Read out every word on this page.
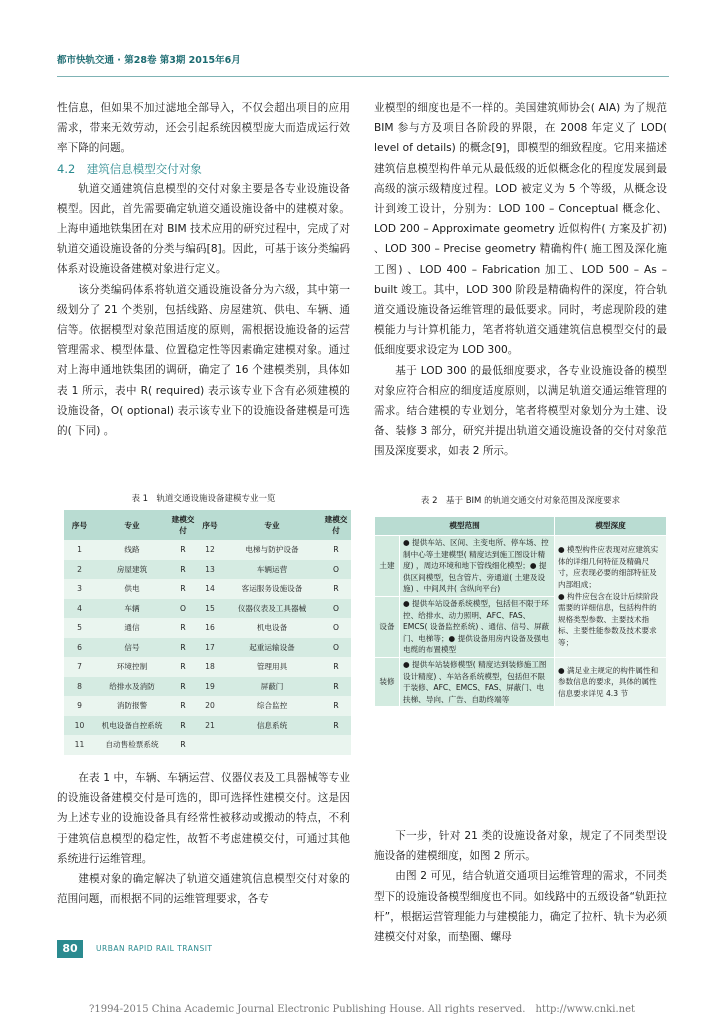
都市快轨交通 · 第28卷 第3期 2015年6月

性信息，但如果不加过滤地全部导入，不仅会超出项目的应用需求，带来无效劳动，还会引起系统因模型庞大而造成运行效率下降的问题。

4.2　建筑信息模型交付对象

轨道交通建筑信息模型的交付对象主要是各专业设施设备模型。因此，首先需要确定轨道交通设施设备中的建模对象。上海申通地铁集团在对 BIM 技术应用的研究过程中，完成了对轨道交通设施设备的分类与编码[8]。因此，可基于该分类编码体系对设施设备建模对象进行定义。

该分类编码体系将轨道交通设施设备分为六级，其中第一级划分了 21 个类别，包括线路、房屋建筑、供电、车辆、通信等。依据模型对象范围适度的原则，需根据设施设备的运营管理需求、模型体量、位置稳定性等因素确定建模对象。通过对上海申通地铁集团的调研，确定了 16 个建模类别，具体如表 1 所示，表中 R( required) 表示该专业下含有必须建模的设施设备，O( optional) 表示该专业下的设施设备建模是可选的( 下同) 。

表 1　轨道交通设施设备建模专业一览
序号	专业	建模交付	序号	专业	建模交付
1	线路	R	12	电梯与防护设备	R
2	房屋建筑	R	13	车辆运营	O
3	供电	R	14	客运服务设施设备	R
4	车辆	O	15	仪器仪表及工具器械	O
5	通信	R	16	机电设备	O
6	信号	R	17	起重运输设备	O
7	环境控制	R	18	管理用具	R
8	给排水及消防	R	19	屏蔽门	R
9	消防报警	R	20	综合监控	R
10	机电设备自控系统	R	21	信息系统	R
11	自动售检票系统	R			

在表 1 中，车辆、车辆运营、仪器仪表及工具器械等专业的设施设备建模交付是可选的，即可选择性建模交付。这是因为上述专业的设施设备具有经常性被移动或搬动的特点，不利于建筑信息模型的稳定性，故暂不考虑建模交付，可通过其他系统进行运维管理。

建模对象的确定解决了轨道交通建筑信息模型交付对象的范围问题，而根据不同的运维管理要求，各专

业模型的细度也是不一样的。美国建筑师协会( AIA) 为了规范 BIM 参与方及项目各阶段的界限，在 2008 年定义了 LOD( level of details) 的概念[9]，即模型的细致程度。它用来描述建筑信息模型构件单元从最低级的近似概念化的程度发展到最高级的演示级精度过程。LOD 被定义为 5 个等级，从概念设计到竣工设计，分别为：LOD 100 – Conceptual 概念化、LOD 200 – Approximate geometry 近似构件( 方案及扩初) 、LOD 300 – Precise geometry 精确构件( 施工图及深化施工图) 、LOD 400 – Fabrication 加工、LOD 500 – As – built 竣工。其中，LOD 300 阶段是精确构件的深度，符合轨道交通设施设备运维管理的最低要求。同时，考虑现阶段的建模能力与计算机能力，笔者将轨道交通建筑信息模型交付的最低细度要求设定为 LOD 300。

基于 LOD 300 的最低细度要求，各专业设施设备的模型对象应符合相应的细度适度原则，以满足轨道交通运维管理的需求。结合建模的专业划分，笔者将模型对象划分为土建、设备、装修 3 部分，研究并提出轨道交通设施设备的交付对象范围及深度要求，如表 2 所示。

表 2　基于 BIM 的轨道交通交付对象范围及深度要求
模型范围		模型深度
土建	● 提供车站、区间、主变电所、停车场、控制中心等土建模型( 精度达到施工图设计精度) ，周边环境和地下管线细化模型；● 提供区间模型，包含管片、旁通道( 土建及设施) 、中间风井( 含纵向平台)	● 模型构件应表现对应建筑实体的详细几何特征及精确尺寸，应表现必要的细部特征及内部组成；
● 构件应包含在设计后续阶段需要的详细信息，包括构件的规格类型参数、主要技术指标、主要性能参数及技术要求等；

设备	● 提供车站设备系统模型，包括但不限于环控、给排水、动力照明、AFC、FAS、EMCS( 设备监控系统) 、通信、信号、屏蔽门、电梯等；● 提供设备用房内设备及强电电缆的布置模型	
装修	● 提供车站装修模型( 精度达到装修施工图设计精度) 、车站各系统模型，包括但不限于装修、AFC、EMCS、FAS、屏蔽门、电扶梯、导向、广告、自助终端等	● 满足业主规定的构件属性和参数信息的要求，具体的属性信息要求详见 4.3 节

下一步，针对 21 类的设施设备对象，规定了不同类型设施设备的建模细度，如图 2 所示。

由图 2 可见，结合轨道交通项目运维管理的需求，不同类型下的设施设备模型细度也不同。如线路中的五级设备“轨距拉杆”，根据运营管理能力与建模能力，确定了拉杆、轨卡为必须建模交付对象，而垫圈、螺母

80	URBAN RAPID RAIL TRANSIT
?1994-2015 China Academic Journal Electronic Publishing House. All rights reserved.　http://www.cnki.net
